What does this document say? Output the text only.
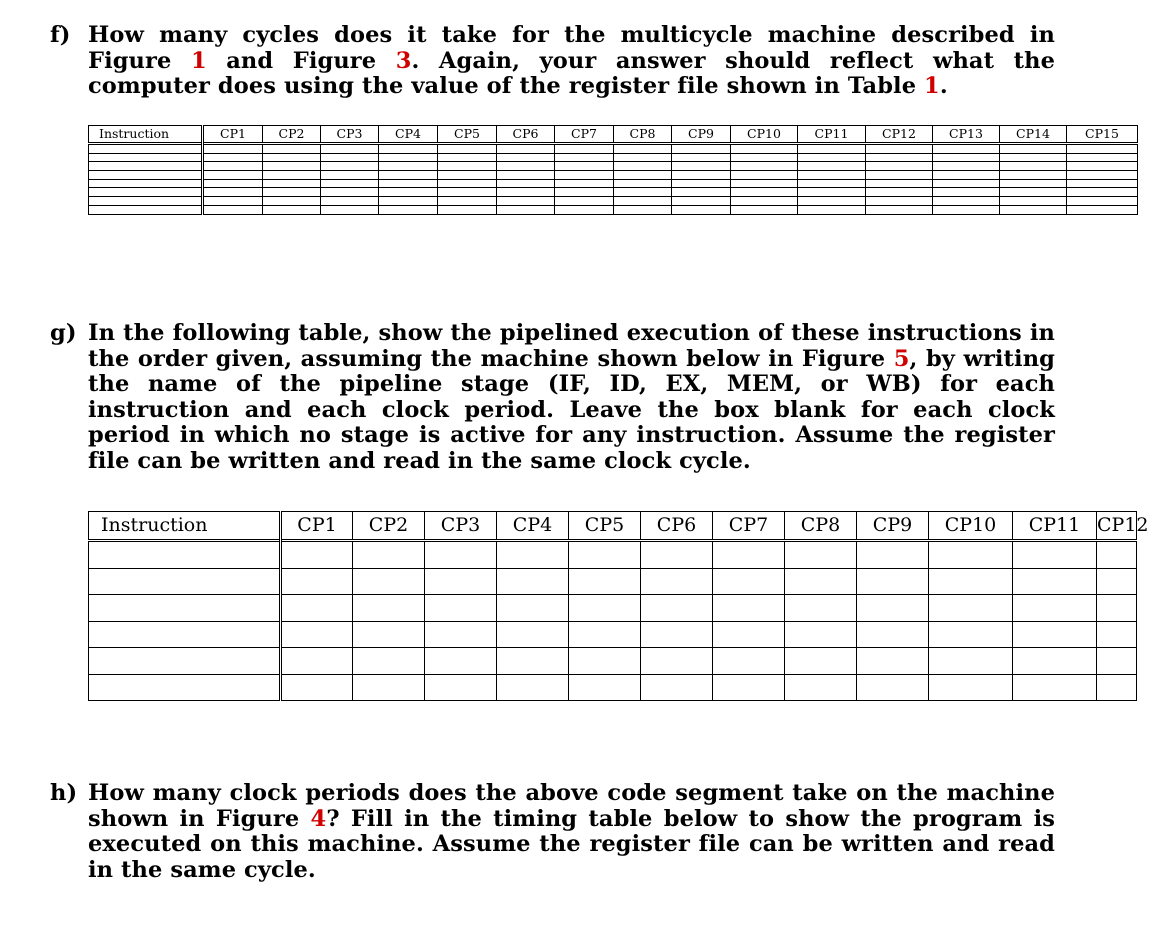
f) How many cycles does it take for the multicycle machine described in Figure 1 and Figure 3. Again, your answer should reflect what the computer does using the value of the register file shown in Table 1.
Instruction	CP1	CP2	CP3	CP4	CP5	CP6	CP7	CP8	CP9	CP10	CP11	CP12	CP13	CP14	CP15

g) In the following table, show the pipelined execution of these instructions in the order given, assuming the machine shown below in Figure 5, by writing the name of the pipeline stage (IF, ID, EX, MEM, or WB) for each instruction and each clock period. Leave the box blank for each clock period in which no stage is active for any instruction. Assume the register file can be written and read in the same clock cycle.
Instruction	CP1	CP2	CP3	CP4	CP5	CP6	CP7	CP8	CP9	CP10	CP11	CP12

h) How many clock periods does the above code segment take on the machine shown in Figure 4? Fill in the timing table below to show the program is executed on this machine. Assume the register file can be written and read in the same cycle.
